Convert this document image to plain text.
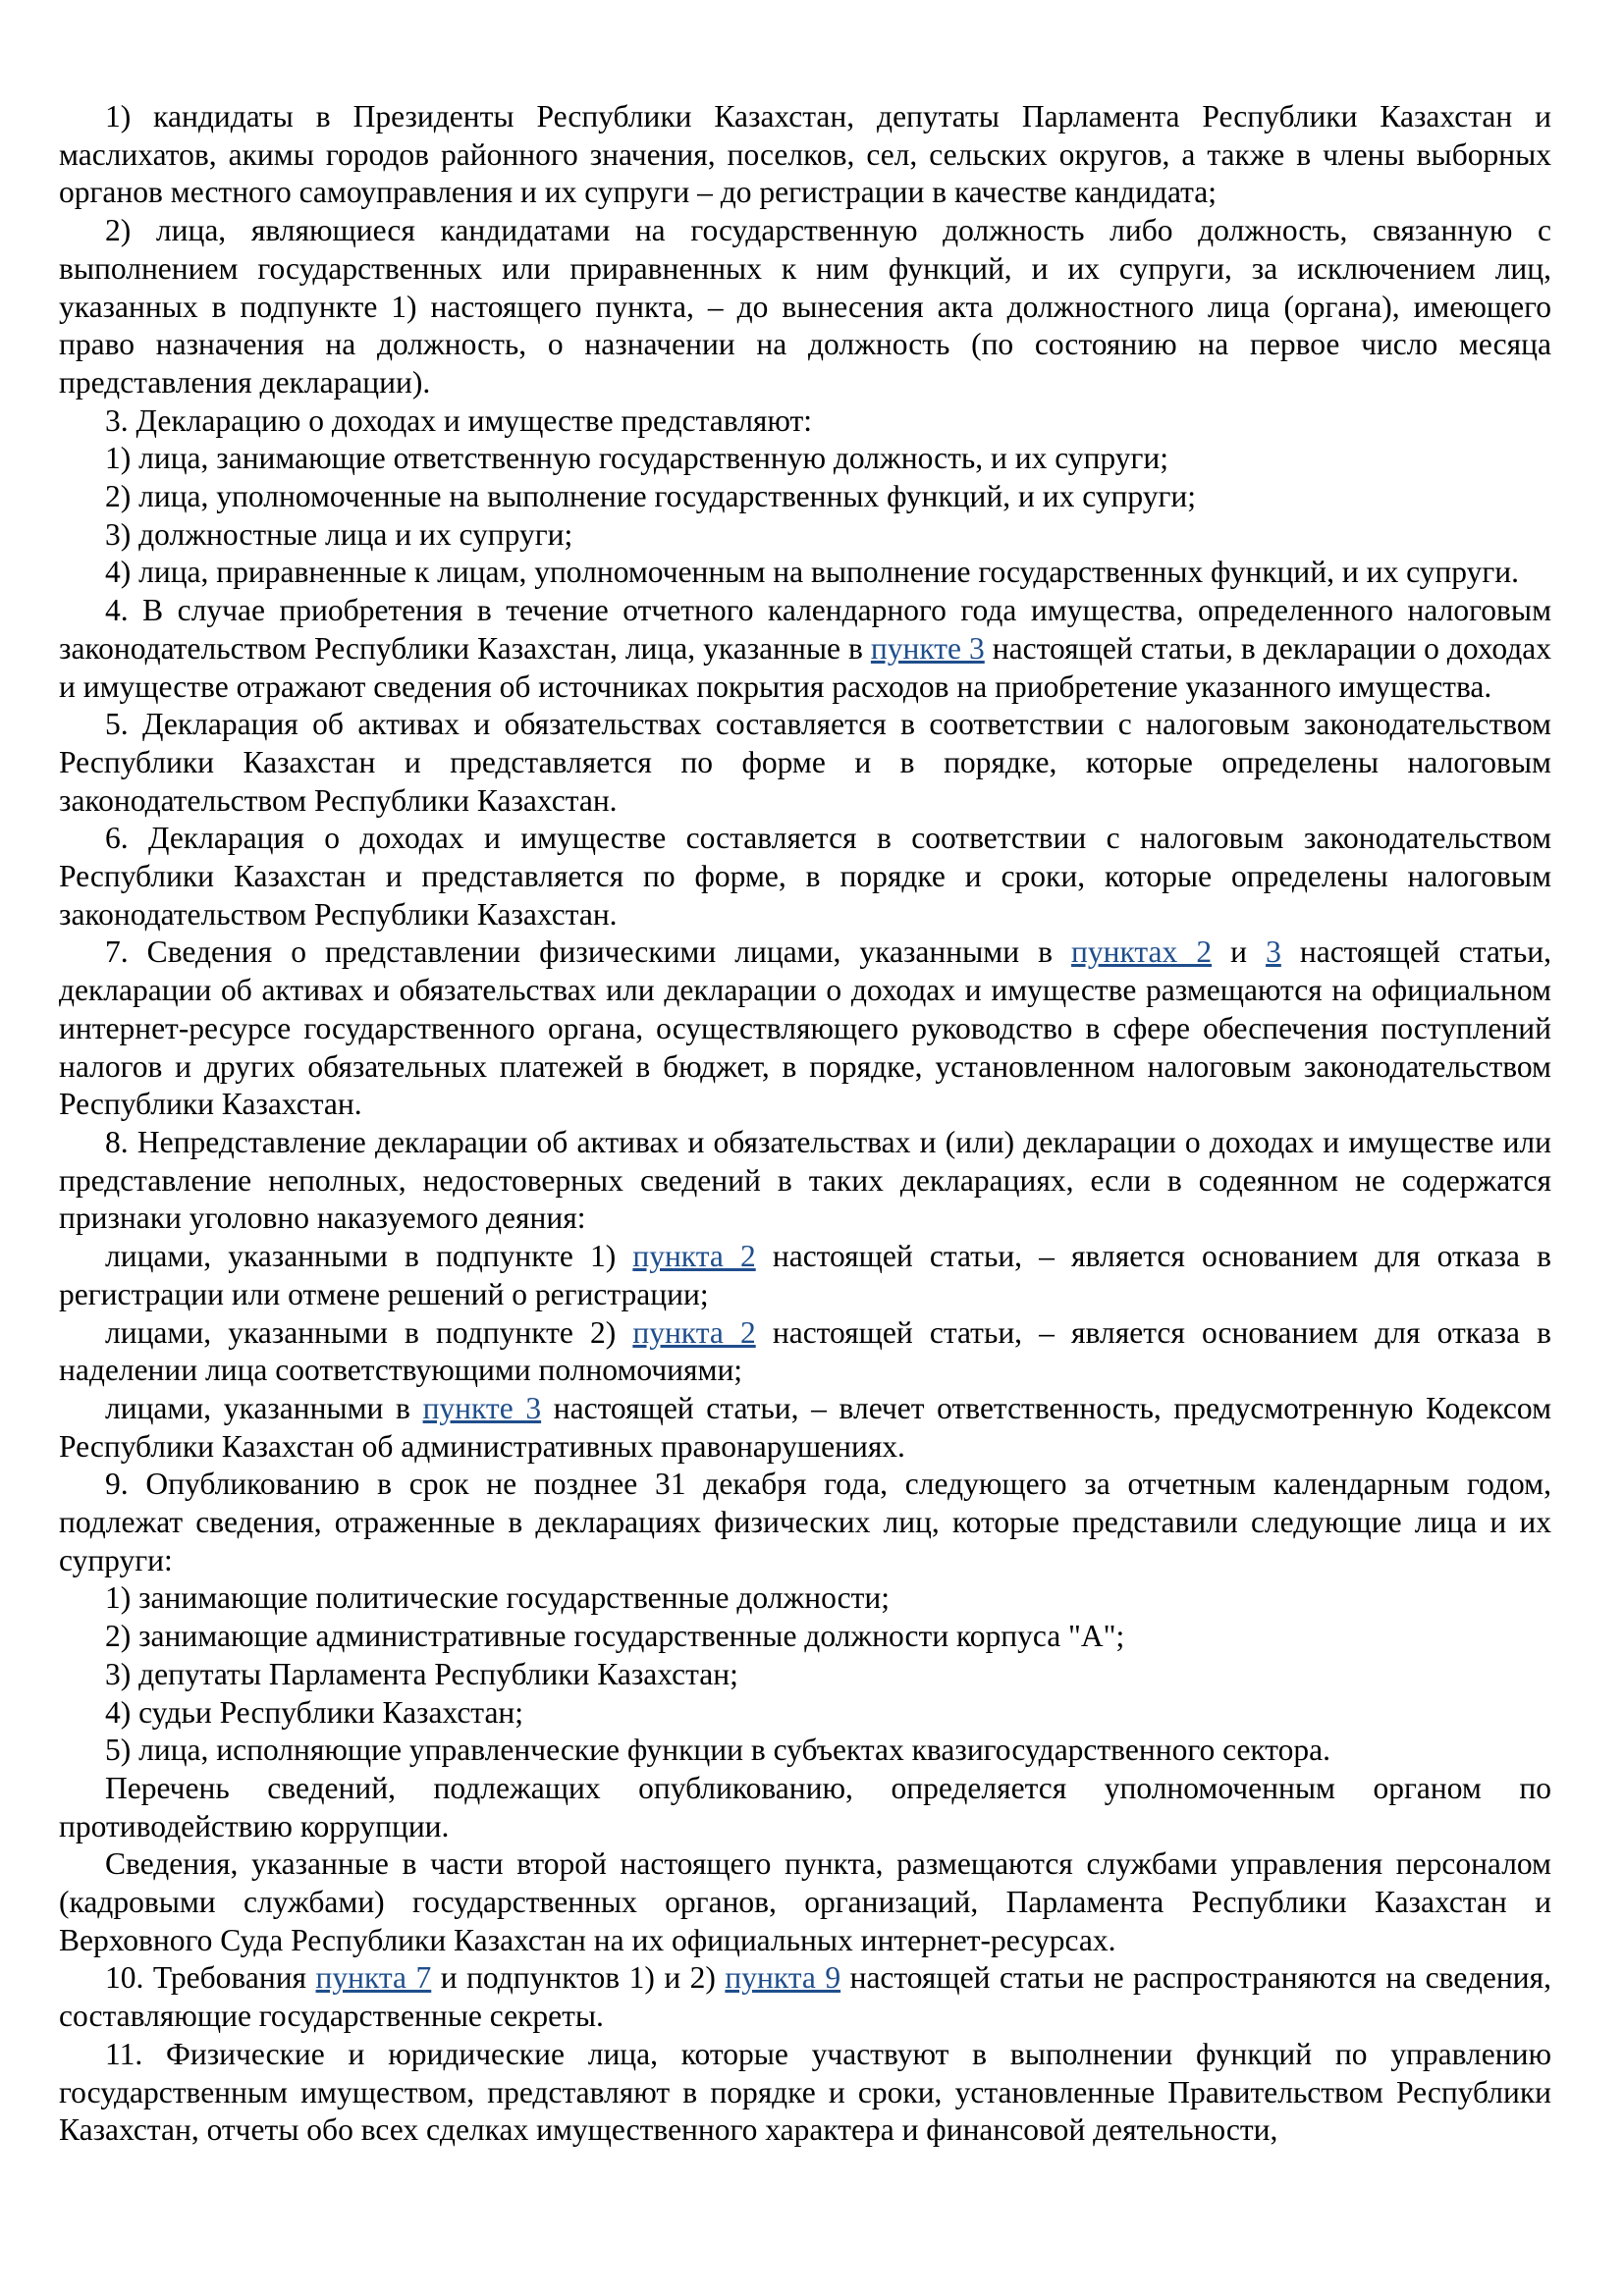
1) кандидаты в Президенты Республики Казахстан, депутаты Парламента Республики Казахстан и маслихатов, акимы городов районного значения, поселков, сел, сельских округов, а также в члены выборных органов местного самоуправления и их супруги – до регистрации в качестве кандидата;

2) лица, являющиеся кандидатами на государственную должность либо должность, связанную с выполнением государственных или приравненных к ним функций, и их супруги, за исключением лиц, указанных в подпункте 1) настоящего пункта, – до вынесения акта должностного лица (органа), имеющего право назначения на должность, о назначении на должность (по состоянию на первое число месяца представления декларации).

3. Декларацию о доходах и имуществе представляют:

1) лица, занимающие ответственную государственную должность, и их супруги;

2) лица, уполномоченные на выполнение государственных функций, и их супруги;

3) должностные лица и их супруги;

4) лица, приравненные к лицам, уполномоченным на выполнение государственных функций, и их супруги.

4. В случае приобретения в течение отчетного календарного года имущества, определенного налоговым законодательством Республики Казахстан, лица, указанные в пункте 3 настоящей статьи, в декларации о доходах и имуществе отражают сведения об источниках покрытия расходов на приобретение указанного имущества.

5. Декларация об активах и обязательствах составляется в соответствии с налоговым законодательством Республики Казахстан и представляется по форме и в порядке, которые определены налоговым законодательством Республики Казахстан.

6. Декларация о доходах и имуществе составляется в соответствии с налоговым законодательством Республики Казахстан и представляется по форме, в порядке и сроки, которые определены налоговым законодательством Республики Казахстан.

7. Сведения о представлении физическими лицами, указанными в пунктах 2 и 3 настоящей статьи, декларации об активах и обязательствах или декларации о доходах и имуществе размещаются на официальном интернет-ресурсе государственного органа, осуществляющего руководство в сфере обеспечения поступлений налогов и других обязательных платежей в бюджет, в порядке, установленном налоговым законодательством Республики Казахстан.

8. Непредставление декларации об активах и обязательствах и (или) декларации о доходах и имуществе или представление неполных, недостоверных сведений в таких декларациях, если в содеянном не содержатся признаки уголовно наказуемого деяния:

лицами, указанными в подпункте 1) пункта 2 настоящей статьи, – является основанием для отказа в регистрации или отмене решений о регистрации;

лицами, указанными в подпункте 2) пункта 2 настоящей статьи, – является основанием для отказа в наделении лица соответствующими полномочиями;

лицами, указанными в пункте 3 настоящей статьи, – влечет ответственность, предусмотренную Кодексом Республики Казахстан об административных правонарушениях.

9. Опубликованию в срок не позднее 31 декабря года, следующего за отчетным календарным годом, подлежат сведения, отраженные в декларациях физических лиц, которые представили следующие лица и их супруги:

1) занимающие политические государственные должности;

2) занимающие административные государственные должности корпуса "А";

3) депутаты Парламента Республики Казахстан;

4) судьи Республики Казахстан;

5) лица, исполняющие управленческие функции в субъектах квазигосударственного сектора.

Перечень сведений, подлежащих опубликованию, определяется уполномоченным органом по противодействию коррупции.

Сведения, указанные в части второй настоящего пункта, размещаются службами управления персоналом (кадровыми службами) государственных органов, организаций, Парламента Республики Казахстан и Верховного Суда Республики Казахстан на их официальных интернет-ресурсах.

10. Требования пункта 7 и подпунктов 1) и 2) пункта 9 настоящей статьи не распространяются на сведения, составляющие государственные секреты.

11. Физические и юридические лица, которые участвуют в выполнении функций по управлению государственным имуществом, представляют в порядке и сроки, установленные Правительством Республики Казахстан, отчеты обо всех сделках имущественного характера и финансовой деятельности,
